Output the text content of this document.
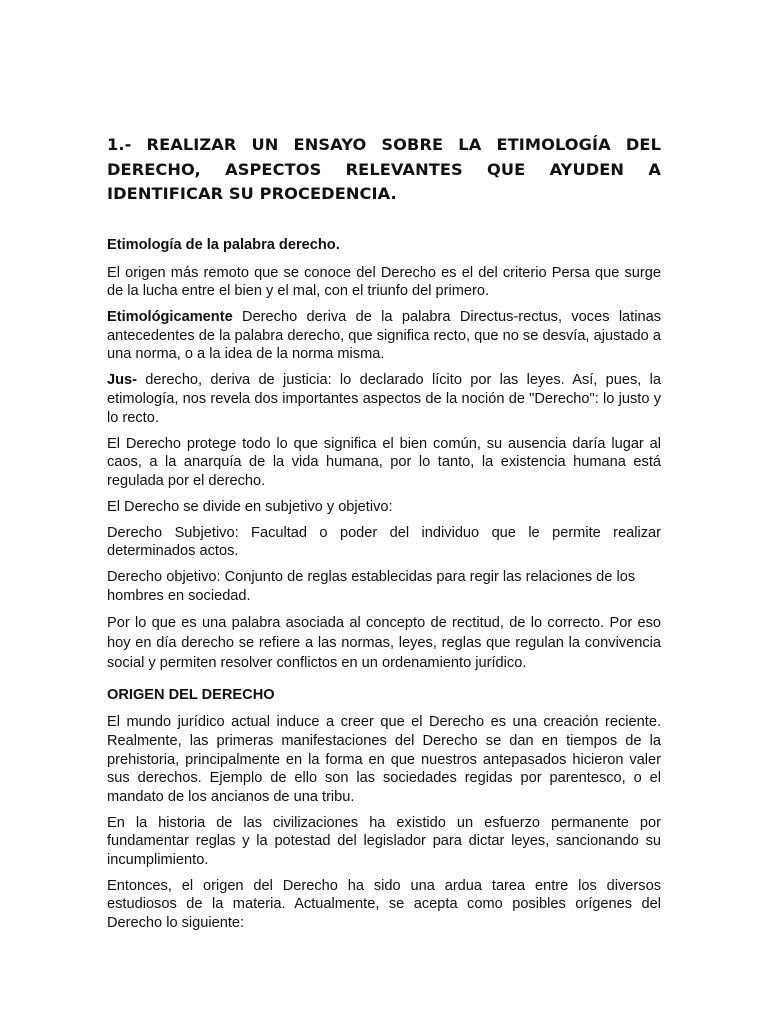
1.- REALIZAR UN ENSAYO SOBRE LA ETIMOLOGÍA DEL DERECHO, ASPECTOS RELEVANTES QUE AYUDEN A IDENTIFICAR SU PROCEDENCIA.

Etimología de la palabra derecho.

El origen más remoto que se conoce del Derecho es el del criterio Persa que surge de la lucha entre el bien y el mal, con el triunfo del primero.

Etimológicamente Derecho deriva de la palabra Directus-rectus, voces latinas antecedentes de la palabra derecho, que significa recto, que no se desvía, ajustado a una norma, o a la idea de la norma misma.

Jus- derecho, deriva de justicia: lo declarado lícito por las leyes. Así, pues, la etimología, nos revela dos importantes aspectos de la noción de "Derecho": lo justo y lo recto.

El Derecho protege todo lo que significa el bien común, su ausencia daría lugar al caos, a la anarquía de la vida humana, por lo tanto, la existencia humana está regulada por el derecho.

El Derecho se divide en subjetivo y objetivo:

Derecho Subjetivo: Facultad o poder del individuo que le permite realizar determinados actos.

Derecho objetivo: Conjunto de reglas establecidas para regir las relaciones de los hombres en sociedad.

Por lo que es una palabra asociada al concepto de rectitud, de lo correcto. Por eso hoy en día derecho se refiere a las normas, leyes, reglas que regulan la convivencia social y permiten resolver conflictos en un ordenamiento jurídico.

ORIGEN DEL DERECHO

El mundo jurídico actual induce a creer que el Derecho es una creación reciente. Realmente, las primeras manifestaciones del Derecho se dan en tiempos de la prehistoria, principalmente en la forma en que nuestros antepasados hicieron valer sus derechos. Ejemplo de ello son las sociedades regidas por parentesco, o el mandato de los ancianos de una tribu.

En la historia de las civilizaciones ha existido un esfuerzo permanente por fundamentar reglas y la potestad del legislador para dictar leyes, sancionando su incumplimiento.

Entonces, el origen del Derecho ha sido una ardua tarea entre los diversos estudiosos de la materia. Actualmente, se acepta como posibles orígenes del Derecho lo siguiente:
